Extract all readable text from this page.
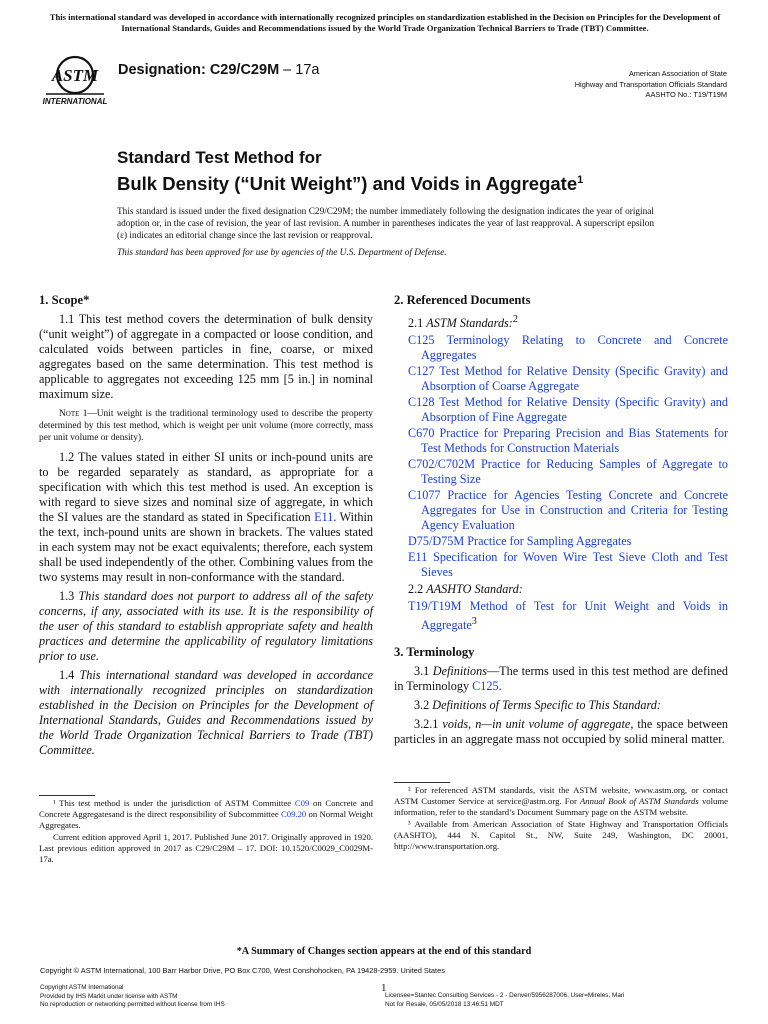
This international standard was developed in accordance with internationally recognized principles on standardization established in the Decision on Principles for the Development of International Standards, Guides and Recommendations issued by the World Trade Organization Technical Barriers to Trade (TBT) Committee.
ASTM
INTERNATIONAL
Designation: C29/C29M – 17a	American Association of State
Highway and Transportation Officials Standard
AASHTO No.: T19/T19M
Standard Test Method for
Bulk Density (“Unit Weight”) and Voids in Aggregate$^1$
This standard is issued under the fixed designation C29/C29M; the number immediately following the designation indicates the year of original adoption or, in the case of revision, the year of last revision. A number in parentheses indicates the year of last reapproval. A superscript epsilon (ε) indicates an editorial change since the last revision or reapproval.
This standard has been approved for use by agencies of the U.S. Department of Defense.
1. Scope*

1.1 This test method covers the determination of bulk density (“unit weight”) of aggregate in a compacted or loose condition, and calculated voids between particles in fine, coarse, or mixed aggregates based on the same determination. This test method is applicable to aggregates not exceeding 125 mm [5 in.] in nominal maximum size.

Note 1—Unit weight is the traditional terminology used to describe the property determined by this test method, which is weight per unit volume (more correctly, mass per unit volume or density).

1.2 The values stated in either SI units or inch-pound units are to be regarded separately as standard, as appropriate for a specification with which this test method is used. An exception is with regard to sieve sizes and nominal size of aggregate, in which the SI values are the standard as stated in Specification E11. Within the text, inch-pound units are shown in brackets. The values stated in each system may not be exact equivalents; therefore, each system shall be used independently of the other. Combining values from the two systems may result in non-conformance with the standard.

1.3 This standard does not purport to address all of the safety concerns, if any, associated with its use. It is the responsibility of the user of this standard to establish appropriate safety and health practices and determine the applicability of regulatory limitations prior to use.

1.4 This international standard was developed in accordance with internationally recognized principles on standardization established in the Decision on Principles for the Development of International Standards, Guides and Recommendations issued by the World Trade Organization Technical Barriers to Trade (TBT) Committee.

2. Referenced Documents
2.1 ASTM Standards:$^2$
C125 Terminology Relating to Concrete and Concrete Aggregates
C127 Test Method for Relative Density (Specific Gravity) and Absorption of Coarse Aggregate
C128 Test Method for Relative Density (Specific Gravity) and Absorption of Fine Aggregate
C670 Practice for Preparing Precision and Bias Statements for Test Methods for Construction Materials
C702/C702M Practice for Reducing Samples of Aggregate to Testing Size
C1077 Practice for Agencies Testing Concrete and Concrete Aggregates for Use in Construction and Criteria for Testing Agency Evaluation
D75/D75M Practice for Sampling Aggregates
E11 Specification for Woven Wire Test Sieve Cloth and Test Sieves
2.2 AASHTO Standard:
T19/T19M Method of Test for Unit Weight and Voids in Aggregate$^3$
3. Terminology

3.1 Definitions—The terms used in this test method are defined in Terminology C125.

3.2 Definitions of Terms Specific to This Standard:

3.2.1 voids, n—in unit volume of aggregate, the space between particles in an aggregate mass not occupied by solid mineral matter.

¹ This test method is under the jurisdiction of ASTM Committee C09 on Concrete and Concrete Aggregatesand is the direct responsibility of Subcommittee C09.20 on Normal Weight Aggregates.

Current edition approved April 1, 2017. Published June 2017. Originally approved in 1920. Last previous edition approved in 2017 as C29/C29M – 17. DOI: 10.1520/C0029_C0029M-17a.

² For referenced ASTM standards, visit the ASTM website, www.astm.org, or contact ASTM Customer Service at service@astm.org. For Annual Book of ASTM Standards volume information, refer to the standard’s Document Summary page on the ASTM website.

³ Available from American Association of State Highway and Transportation Officials (AASHTO), 444 N. Capitol St., NW, Suite 249, Washington, DC 20001, http://www.transportation.org.

*A Summary of Changes section appears at the end of this standard
Copyright © ASTM International, 100 Barr Harbor Drive, PO Box C700, West Conshohocken, PA 19428-2959. United States
Copyright ASTM International
Provided by IHS Markit under license with ASTM
No reproduction or networking permitted without license from IHS
1
Licensee=Stantec Consulting Services - 2 - Denver/5956287006, User=Mireles, Mari
Not for Resale, 05/05/2018 13:46:51 MDT
